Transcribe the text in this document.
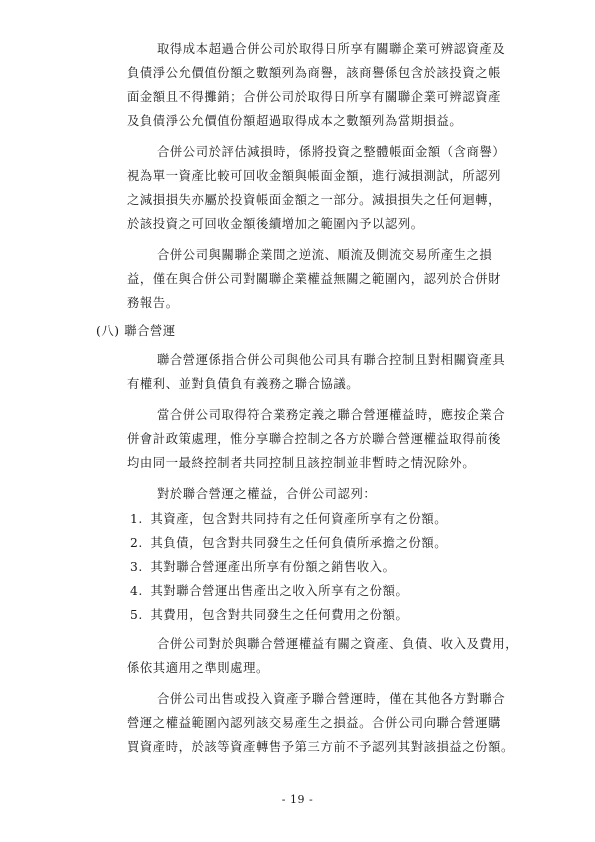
取得成本超過合併公司於取得日所享有關聯企業可辨認資產及
負債淨公允價值份額之數額列為商譽，該商譽係包含於該投資之帳
面金額且不得攤銷；合併公司於取得日所享有關聯企業可辨認資產
及負債淨公允價值份額超過取得成本之數額列為當期損益。
合併公司於評估減損時，係將投資之整體帳面金額（含商譽）
視為單一資產比較可回收金額與帳面金額，進行減損測試，所認列
之減損損失亦屬於投資帳面金額之一部分。減損損失之任何迴轉，
於該投資之可回收金額後續增加之範圍內予以認列。
合併公司與關聯企業間之逆流、順流及側流交易所產生之損
益，僅在與合併公司對關聯企業權益無關之範圍內，認列於合併財
務報告。
(八) 聯合營運
聯合營運係指合併公司與他公司具有聯合控制且對相關資產具
有權利、並對負債負有義務之聯合協議。
當合併公司取得符合業務定義之聯合營運權益時，應按企業合
併會計政策處理，惟分享聯合控制之各方於聯合營運權益取得前後
均由同一最終控制者共同控制且該控制並非暫時之情況除外。
對於聯合營運之權益，合併公司認列：
1. 其資產，包含對共同持有之任何資產所享有之份額。
2. 其負債，包含對共同發生之任何負債所承擔之份額。
3. 其對聯合營運產出所享有份額之銷售收入。
4. 其對聯合營運出售產出之收入所享有之份額。
5. 其費用，包含對共同發生之任何費用之份額。
合併公司對於與聯合營運權益有關之資產、負債、收入及費用，
係依其適用之準則處理。
合併公司出售或投入資產予聯合營運時，僅在其他各方對聯合
營運之權益範圍內認列該交易產生之損益。合併公司向聯合營運購
買資產時，於該等資產轉售予第三方前不予認列其對該損益之份額。
- 19 -
